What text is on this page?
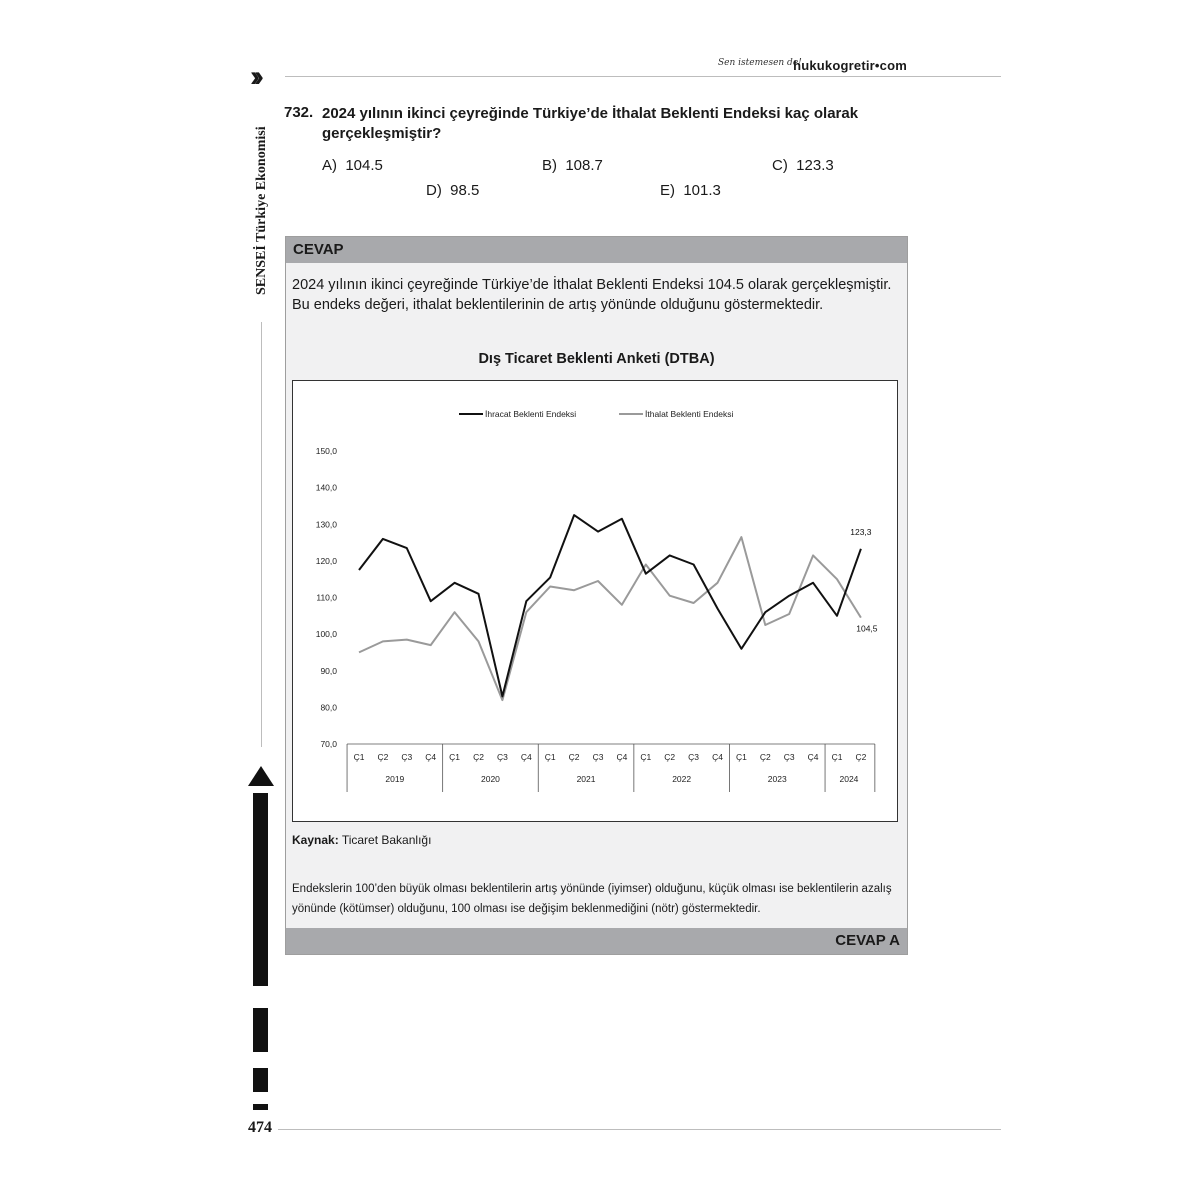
››	Sen istemesen de!
hukukogretir•com
SENSEİ Türkiye Ekonomisi
732. 2024 yılının ikinci çeyreğinde Türkiye’de İthalat Beklenti Endeksi kaç olarak gerçekleşmiştir?
A) 104.5	B) 108.7	C) 123.3
D) 98.5	E) 101.3
CEVAP
2024 yılının ikinci çeyreğinde Türkiye’de İthalat Beklenti Endeksi 104.5 olarak gerçekleşmiştir. Bu endeks değeri, ithalat beklentilerinin de artış yönünde olduğunu göstermektedir.
Dış Ticaret Beklenti Anketi (DTBA)
150,0
140,0
130,0
120,0
110,0
100,0
90,0
80,0
70,0
Ç1 Ç2 Ç3 Ç4 Ç1 Ç2 Ç3 Ç4 Ç1 Ç2 Ç3 Ç4 Ç1 Ç2 Ç3 Ç4 Ç1 Ç2 Ç3 Ç4 Ç1 Ç2
2019	2020	2021	2022	2023	2024
İhracat Beklenti Endeksi	İthalat Beklenti Endeksi
123,3
104,5
Kaynak: Ticaret Bakanlığı
Endekslerin 100’den büyük olması beklentilerin artış yönünde (iyimser) olduğunu, küçük olması ise beklentilerin azalış yönünde (kötümser) olduğunu, 100 olması ise değişim beklenmediğini (nötr) göstermektedir.
CEVAP A
474
